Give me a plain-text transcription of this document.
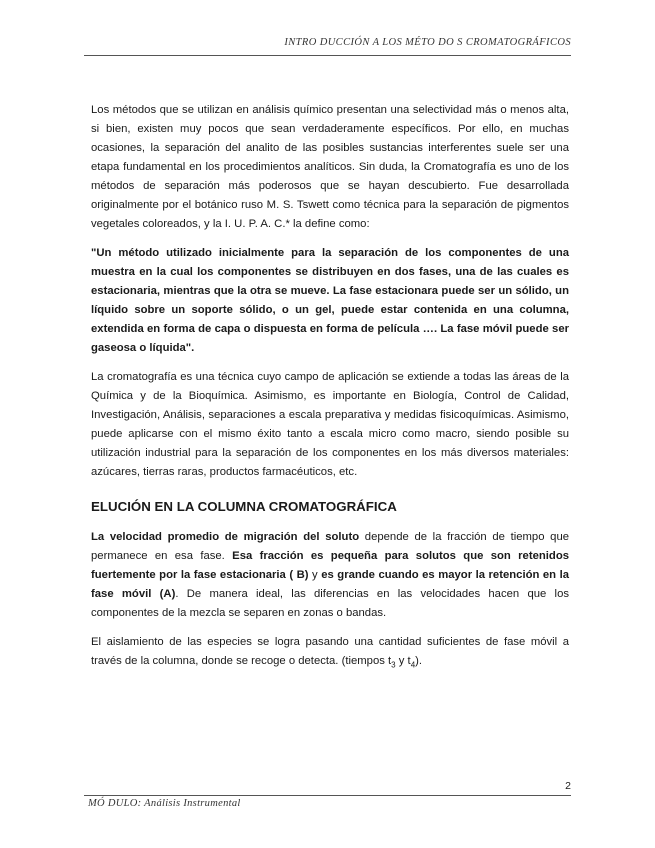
INTRO DUCCIÓN A LOS MÉTO DO S CROMATOGRÁFICOS

Los métodos que se utilizan en análisis químico presentan una selectividad más o menos alta, si bien, existen muy pocos que sean verdaderamente específicos. Por ello, en muchas ocasiones, la separación del analito de las posibles sustancias interferentes suele ser una etapa fundamental en los procedimientos analíticos. Sin duda, la Cromatografía es uno de los métodos de separación más poderosos que se hayan descubierto. Fue desarrollada originalmente por el botánico ruso M. S. Tswett como técnica para la separación de pigmentos vegetales coloreados, y la I. U. P. A. C.* la define como:

"Un método utilizado inicialmente para la separación de los componentes de una muestra en la cual los componentes se distribuyen en dos fases, una de las cuales es estacionaria, mientras que la otra se mueve. La fase estacionara puede ser un sólido, un líquido sobre un soporte sólido, o un gel, puede estar contenida en una columna, extendida en forma de capa o dispuesta en forma de película …. La fase móvil puede ser gaseosa o líquida".

La cromatografía es una técnica cuyo campo de aplicación se extiende a todas las áreas de la Química y de la Bioquímica. Asimismo, es importante en Biología, Control de Calidad, Investigación, Análisis, separaciones a escala preparativa y medidas fisicoquímicas. Asimismo, puede aplicarse con el mismo éxito tanto a escala micro como macro, siendo posible su utilización industrial para la separación de los componentes en los más diversos materiales: azúcares, tierras raras, productos farmacéuticos, etc.

ELUCIÓN EN LA COLUMNA CROMATOGRÁFICA

La velocidad promedio de migración del soluto depende de la fracción de tiempo que permanece en esa fase. Esa fracción es pequeña para solutos que son retenidos fuertemente por la fase estacionaria ( B) y es grande cuando es mayor la retención en la fase móvil (A). De manera ideal, las diferencias en las velocidades hacen que los componentes de la mezcla se separen en zonas o bandas.

El aislamiento de las especies se logra pasando una cantidad suficientes de fase móvil a través de la columna, donde se recoge o detecta. (tiempos $t_3$ y $t_4$).

2
MÓ DULO: Análisis Instrumental
